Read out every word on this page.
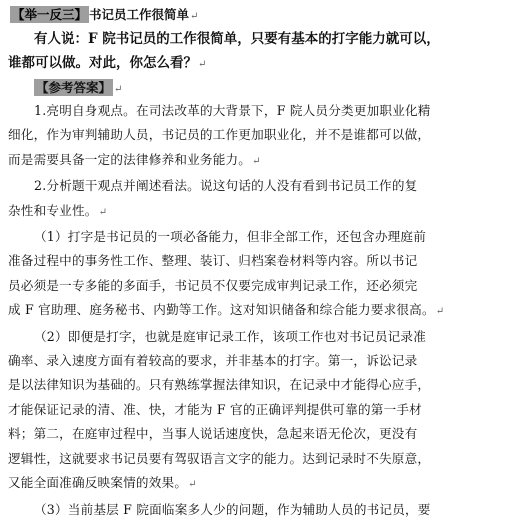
【举一反三】 书记员工作很简单↵
有人说：F 院书记员的工作很简单，只要有基本的打字能力就可以，
谁都可以做。对此，你怎么看？↵
【参考答案】 ↵
1.亮明自身观点。在司法改革的大背景下，F 院人员分类更加职业化精
细化，作为审判辅助人员，书记员的工作更加职业化，并不是谁都可以做，
而是需要具备一定的法律修养和业务能力。↵
2.分析题干观点并阐述看法。说这句话的人没有看到书记员工作的复
杂性和专业性。↵
（1）打字是书记员的一项必备能力，但非全部工作，还包含办理庭前
准备过程中的事务性工作、整理、装订、归档案卷材料等内容。所以书记
员必须是一专多能的多面手，书记员不仅要完成审判记录工作，还必须完
成 F 官助理、庭务秘书、内勤等工作。这对知识储备和综合能力要求很高。↵
（2）即便是打字，也就是庭审记录工作，该项工作也对书记员记录准
确率、录入速度方面有着较高的要求，并非基本的打字。第一，诉讼记录
是以法律知识为基础的。只有熟练掌握法律知识，在记录中才能得心应手，
才能保证记录的清、准、快，才能为 F 官的正确评判提供可靠的第一手材
料；第二，在庭审过程中，当事人说话速度快，急起来语无伦次，更没有
逻辑性，这就要求书记员要有驾驭语言文字的能力。达到记录时不失原意，
又能全面准确反映案情的效果。↵
（3）当前基层 F 院面临案多人少的问题，作为辅助人员的书记员，要
